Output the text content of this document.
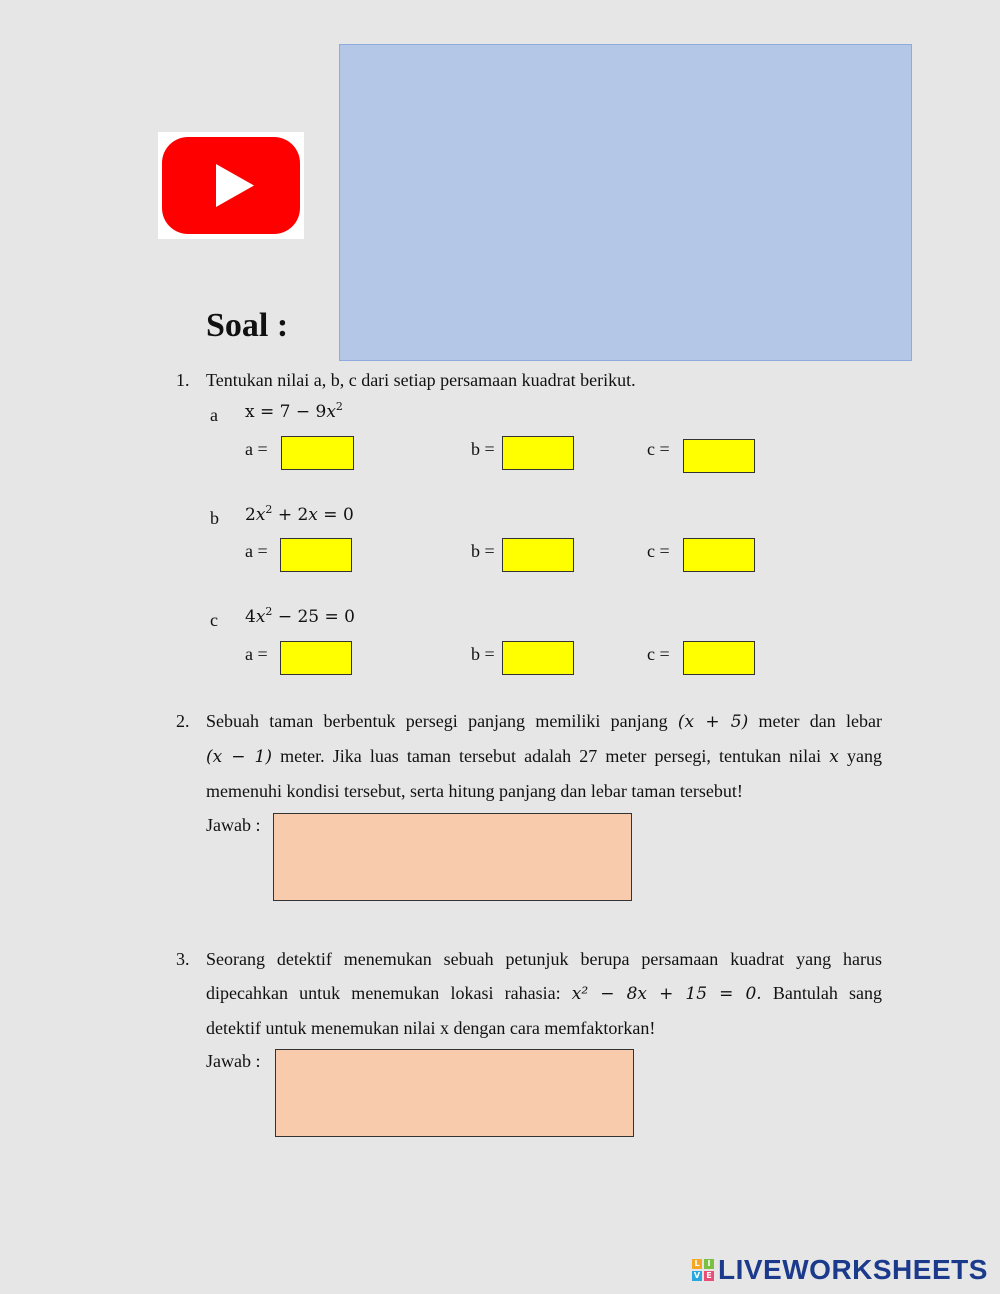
Soal :
1. Tentukan nilai a, b, c dari setiap persamaan kuadrat berikut.
a $x = 7 - 9x^2$
a =	b =	c =
b $2x^2 + 2x = 0$
a =	b =	c =
c $4x^2 - 25 = 0$
a =	b =	c =
2. Sebuah taman berbentuk persegi panjang memiliki panjang (x + 5) meter dan lebar
(x − 1) meter. Jika luas taman tersebut adalah 27 meter persegi, tentukan nilai x yang
memenuhi kondisi tersebut, serta hitung panjang dan lebar taman tersebut!
Jawab :
3. Seorang detektif menemukan sebuah petunjuk berupa persamaan kuadrat yang harus
dipecahkan untuk menemukan lokasi rahasia: x² − 8x + 15 = 0. Bantulah sang
detektif untuk menemukan nilai x dengan cara memfaktorkan!
Jawab :
L I
V E LIVEWORKSHEETS
